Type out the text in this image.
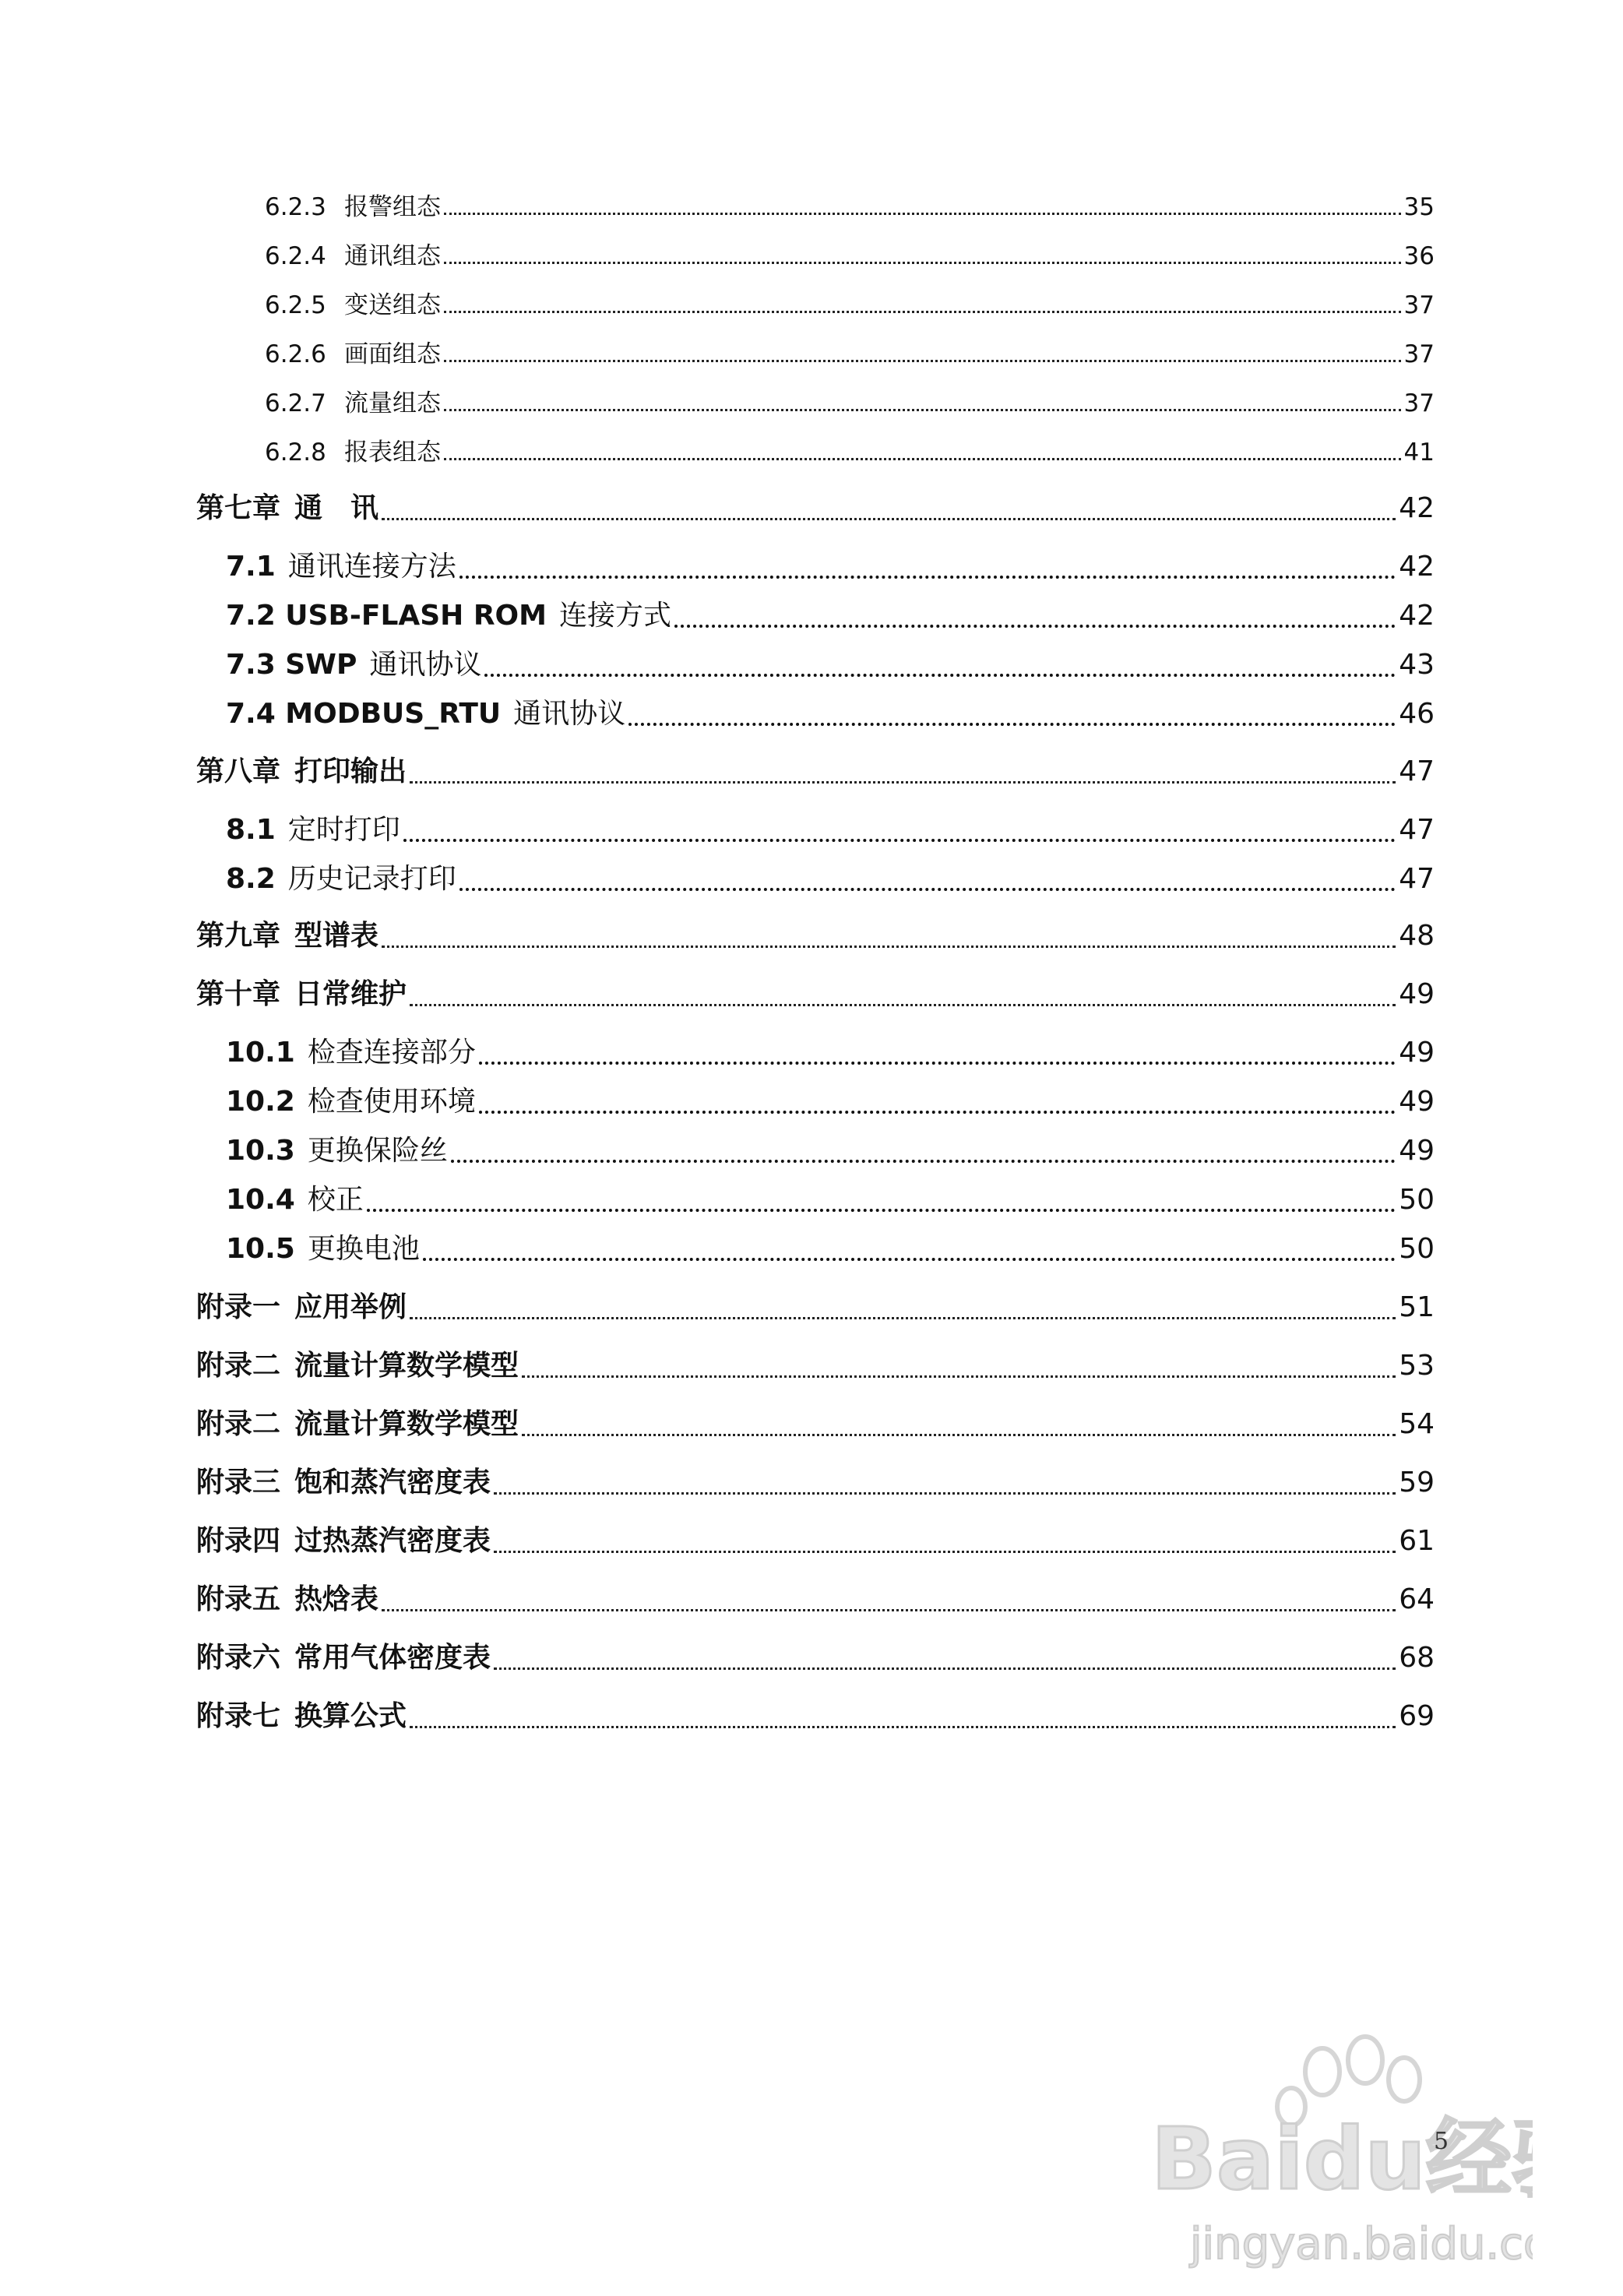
6.2.3 报警组态	35
6.2.4 通讯组态	36
6.2.5 变送组态	37
6.2.6 画面组态	37
6.2.7 流量组态	37
6.2.8 报表组态	41
第七章 通　讯	42
7.1 通讯连接方法	42
7.2 USB-FLASH ROM 连接方式	42
7.3 SWP 通讯协议	43
7.4 MODBUS_RTU 通讯协议	46
第八章 打印输出	47
8.1 定时打印	47
8.2 历史记录打印	47
第九章 型谱表	48
第十章 日常维护	49
10.1 检查连接部分	49
10.2 检查使用环境	49
10.3 更换保险丝	49
10.4 校正	50
10.5 更换电池	50
附录一 应用举例	51
附录二 流量计算数学模型	53
附录二 流量计算数学模型	54
附录三 饱和蒸汽密度表	59
附录四 过热蒸汽密度表	61
附录五 热焓表	64
附录六 常用气体密度表	68
附录七 换算公式	69
Baidu经
jingyan.baidu.c
5
